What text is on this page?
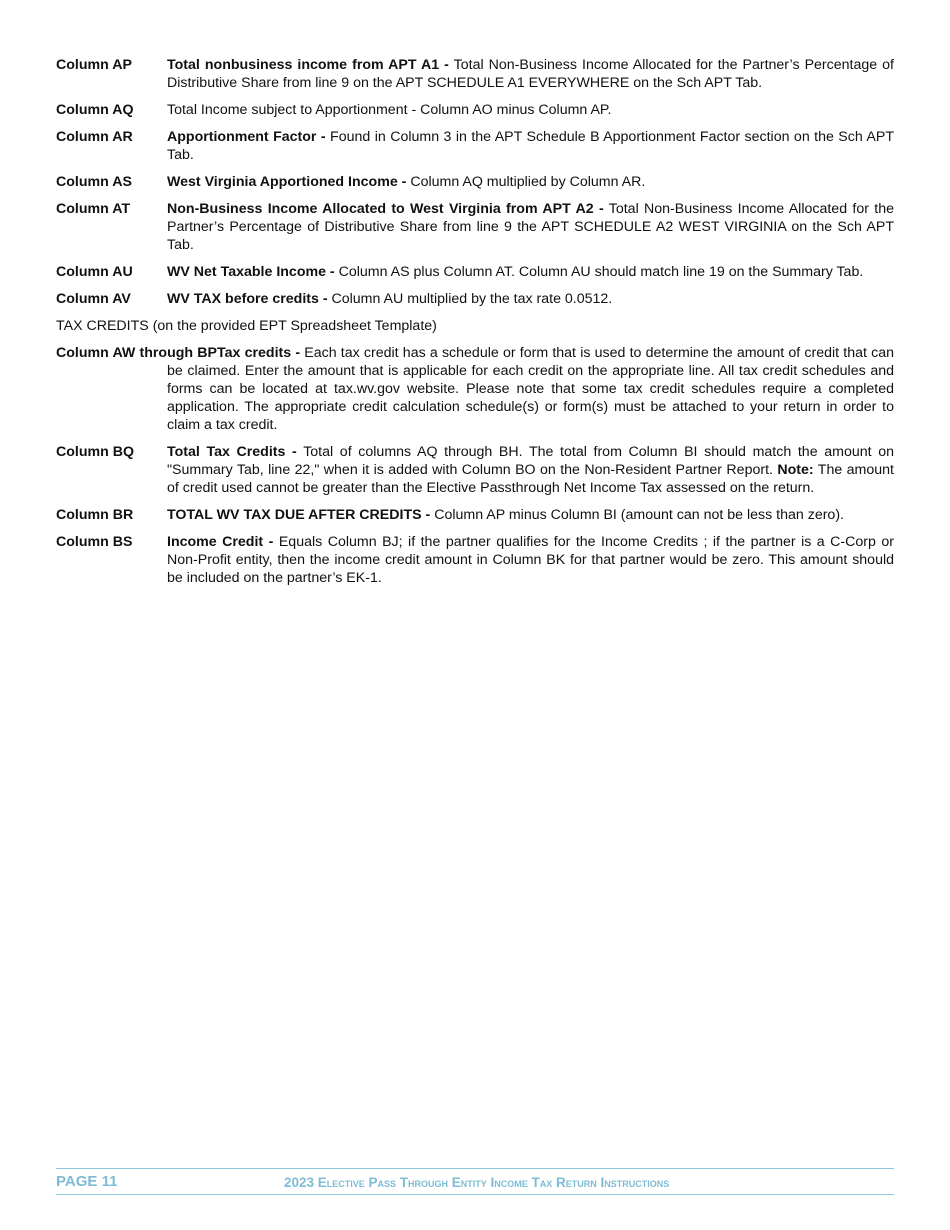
Column AP	Total nonbusiness income from APT A1 - Total Non-Business Income Allocated for the Partner’s Percentage of Distributive Share from line 9 on the APT SCHEDULE A1 EVERYWHERE on the Sch APT Tab.
Column AQ	Total Income subject to Apportionment - Column AO minus Column AP.
Column AR	Apportionment Factor - Found in Column 3 in the APT Schedule B Apportionment Factor section on the Sch APT Tab.
Column AS	West Virginia Apportioned Income - Column AQ multiplied by Column AR.
Column AT	Non-Business Income Allocated to West Virginia from APT A2 - Total Non-Business Income Allocated for the Partner’s Percentage of Distributive Share from line 9 the APT SCHEDULE A2 WEST VIRGINIA on the Sch APT Tab.
Column AU	WV Net Taxable Income - Column AS plus Column AT. Column AU should match line 19 on the Summary Tab.
Column AV	WV TAX before credits - Column AU multiplied by the tax rate 0.0512.
TAX CREDITS (on the provided EPT Spreadsheet Template)
Column AW through BPTax credits - Each tax credit has a schedule or form that is used to determine the amount of credit that can be claimed. Enter the amount that is applicable for each credit on the appropriate line. All tax credit schedules and forms can be located at tax.wv.gov website. Please note that some tax credit schedules require a completed application. The appropriate credit calculation schedule(s) or form(s) must be attached to your return in order to claim a tax credit.
Column BQ	Total Tax Credits - Total of columns AQ through BH. The total from Column BI should match the amount on "Summary Tab, line 22," when it is added with Column BO on the Non-Resident Partner Report. Note: The amount of credit used cannot be greater than the Elective Passthrough Net Income Tax assessed on the return.
Column BR	TOTAL WV TAX DUE AFTER CREDITS - Column AP minus Column BI (amount can not be less than zero).
Column BS	Income Credit - Equals Column BJ; if the partner qualifies for the Income Credits ; if the partner is a C-Corp or Non-Profit entity, then the income credit amount in Column BK for that partner would be zero. This amount should be included on the partner’s EK-1.
PAGE 11	2023 Elective Pass Through Entity Income Tax Return Instructions
